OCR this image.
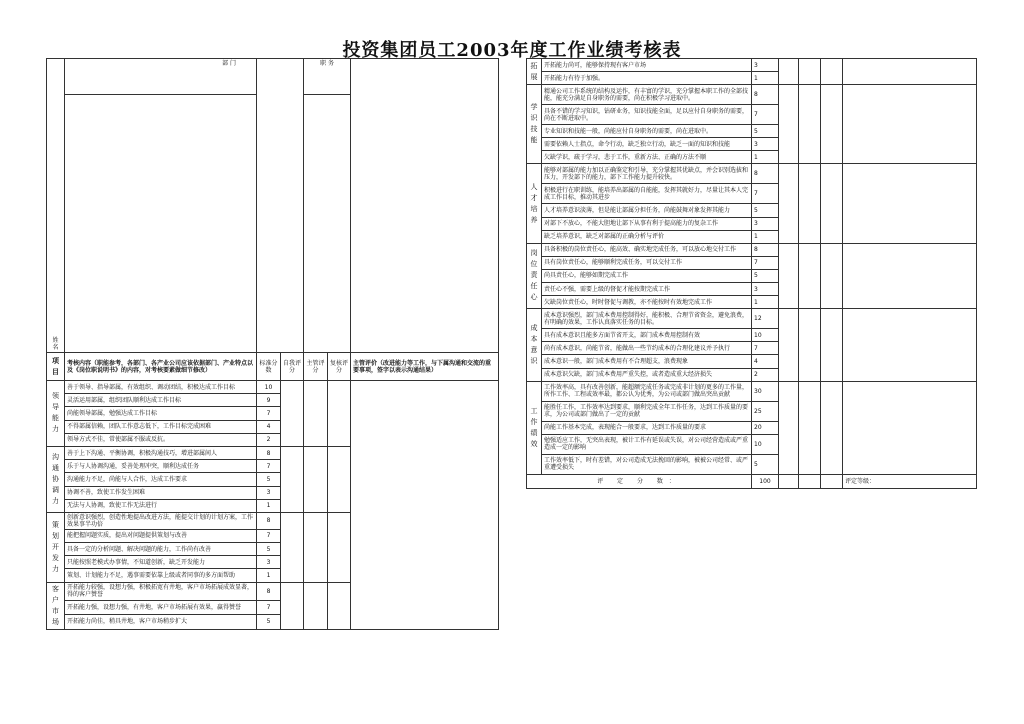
投资集团员工2003年度工作业绩考核表
姓 名	部 门			职 务		

项
目	考核内容（职能参考，各部门、各产业公司应该依据部门、产业特点以及《岗位职说明书》的内容，对考核要素做细节修改）	标准分数	自我评分	主管评分	复核评分	主管评价（改进能力等工作，与下属沟通和交流的重要事项，签字以表示沟通结果）
领
导
能
力	善于领导、指导部属，有效组织、调动团结，积极达成工作目标	10				
	灵活运用部属，组织团队顺利达成工作目标	9				
	尚能领导部属，勉强达成工作目标	7				
	不得部属信赖，团队工作意志低下，工作目标完成困难	4				
	领导方式不佳，常使部属不服或反抗。	2				
沟
通
协
调
力	善于上下沟通、平衡协调，积极沟通技巧，增进部属间人	8				
	乐于与人协调沟通，妥善处理冲突，顺利达成任务	7				
	沟通能力不足，尚能与人合作，达成工作要求	5				
	协调不善，致使工作发生困难	3				
	无法与人协调，致使工作无法进行	1				
策
划
开
发
力	创新意识强烈，创造性地提出改进方法，能提交计划的计划方案，工作效果事半功倍	8				
	能把握问题实质，提出对问题提供策划与改善	7				
	具备一定的分析问题、解决问题的能力，工作尚有改善	5				
	只能按照老模式办事情，不知道创新，缺乏开发能力	3				
	策划、计划能力不足，遇事需要依靠上级或者同事的多方面帮助	1				
客
户
市
场	开拓能力较强，设想力强，积极拓宽有井地，客户市场拓展成效显著，得的客户赞誉	8				
	开拓能力强，设想力强，有井地，客户市场拓展有效果，赢得赞誉	7				
	开拓能力尚佳，稍具井地，客户市场稍步扩大	5				
拓
展	开拓能力尚可，能够保持现有客户市场	3				
	开拓能力有待于加强。	1				
学
识
技
能	精通公司工作系统的结构及运作，有丰富的学识，充分掌握本职工作的全部技能，能充分满足自身职务的需要，尚在积极学习进取中。	8				
	具备不错的学习知识，钻研业务，知识技能全面，足以应付自身职务的需要，尚在不断进取中。	7				
	专业知识和技能一般，尚能应付自身职务的需要，尚在进取中。	5				
	需要依赖人士指点，命令行动，缺乏独立行动，缺乏一面的知识和技能	3				
	欠缺学识，疏于学习，悲于工作，重新方法、正确的方法不顺	1				
人
才
培
养	能够对部属的能力加以正确鉴定和引导，充分掌握其优缺点，并会识别选拔和压力，开发部下的能力，部下工作能力提升较快。	8				
	积极进行在职训练，能培养出部属的自能能，发挥其就好力，尽量让其本人完成工作目标，推动其进步	7				
	人才培养意识淡薄，但是能让部属分担任务，尚能鼓舞对象发挥其能力	5				
	对部下不放心，不能大胆地让部下从事有利于提高能力的复杂工作	3				
	缺乏培养意识，缺乏对部属的正确分析与评价	1				
岗
位
责
任
心	具备积极的岗位责任心，能高效、确实地完成任务，可以放心地交付工作	8				
	具有岗位责任心，能够顺利完成任务，可以交付工作	7				
	尚具责任心，能够如期完成工作	5				
	责任心不强，需要上级的督促才能按期完成工作	3				
	欠缺岗位责任心，时时督促与调教，亦不能按时有效地完成工作	1				
成
本
意
识	成本意识强烈，部门成本费用控制得好，能积极、合理节省资金，避免浪费，有明确的效果，工作认真落实任务的目标。	12				
	具有成本意识且能多方面节省开支，部门成本费用控制有效	10				
	尚有成本意识，尚能节省，能做出一些节约成本的合理化建议并予执行	7				
	成本意识一般，部门成本费用有不合理超支，浪费现象	4				
	成本意识欠缺，部门成本费用严重失控，或者造成重大经济损失	2				
工
作
绩
效	工作效率高，具有改善创新，能超额完成任务或完成非计划的更多的工作量，所作工作、工程或效率最，都公认为优秀，为公司或部门做出突出贡献	30				
	能胜任工作，工作效率达到要求，顺利完成全年工作任务，达到工作质量的要求，为公司或部门做出了一定的贡献	25				
	尚能工作基本完成，表现能合一般要求，达到工作质量的要求	20				
	勉强适应工作，无突出表现，被计工作有延误或失误，对公司经营造成或严重造成一定的影响	10				
	工作效率低下，时有差错，对公司造成无法挽回的影响，被被公司经常、或严重遭受损失	5				
评 定 分 数：		100				评定等级：
